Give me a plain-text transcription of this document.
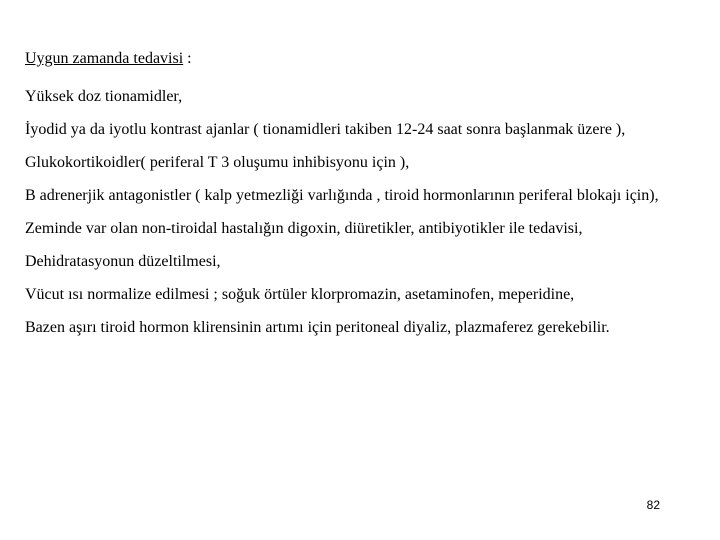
Uygun zamanda tedavisi :

Yüksek doz tionamidler,

İyodid ya da iyotlu kontrast ajanlar ( tionamidleri takiben 12-24 saat sonra başlanmak üzere ),

Glukokortikoidler( periferal T 3 oluşumu inhibisyonu için ),

B adrenerjik antagonistler ( kalp yetmezliği varlığında , tiroid hormonlarının periferal blokajı için),

Zeminde var olan non-tiroidal hastalığın digoxin, diüretikler, antibiyotikler ile tedavisi,

Dehidratasyonun düzeltilmesi,

Vücut ısı normalize edilmesi ; soğuk örtüler klorpromazin, asetaminofen, meperidine,

Bazen aşırı tiroid hormon klirensinin artımı için peritoneal diyaliz, plazmaferez gerekebilir.

82
